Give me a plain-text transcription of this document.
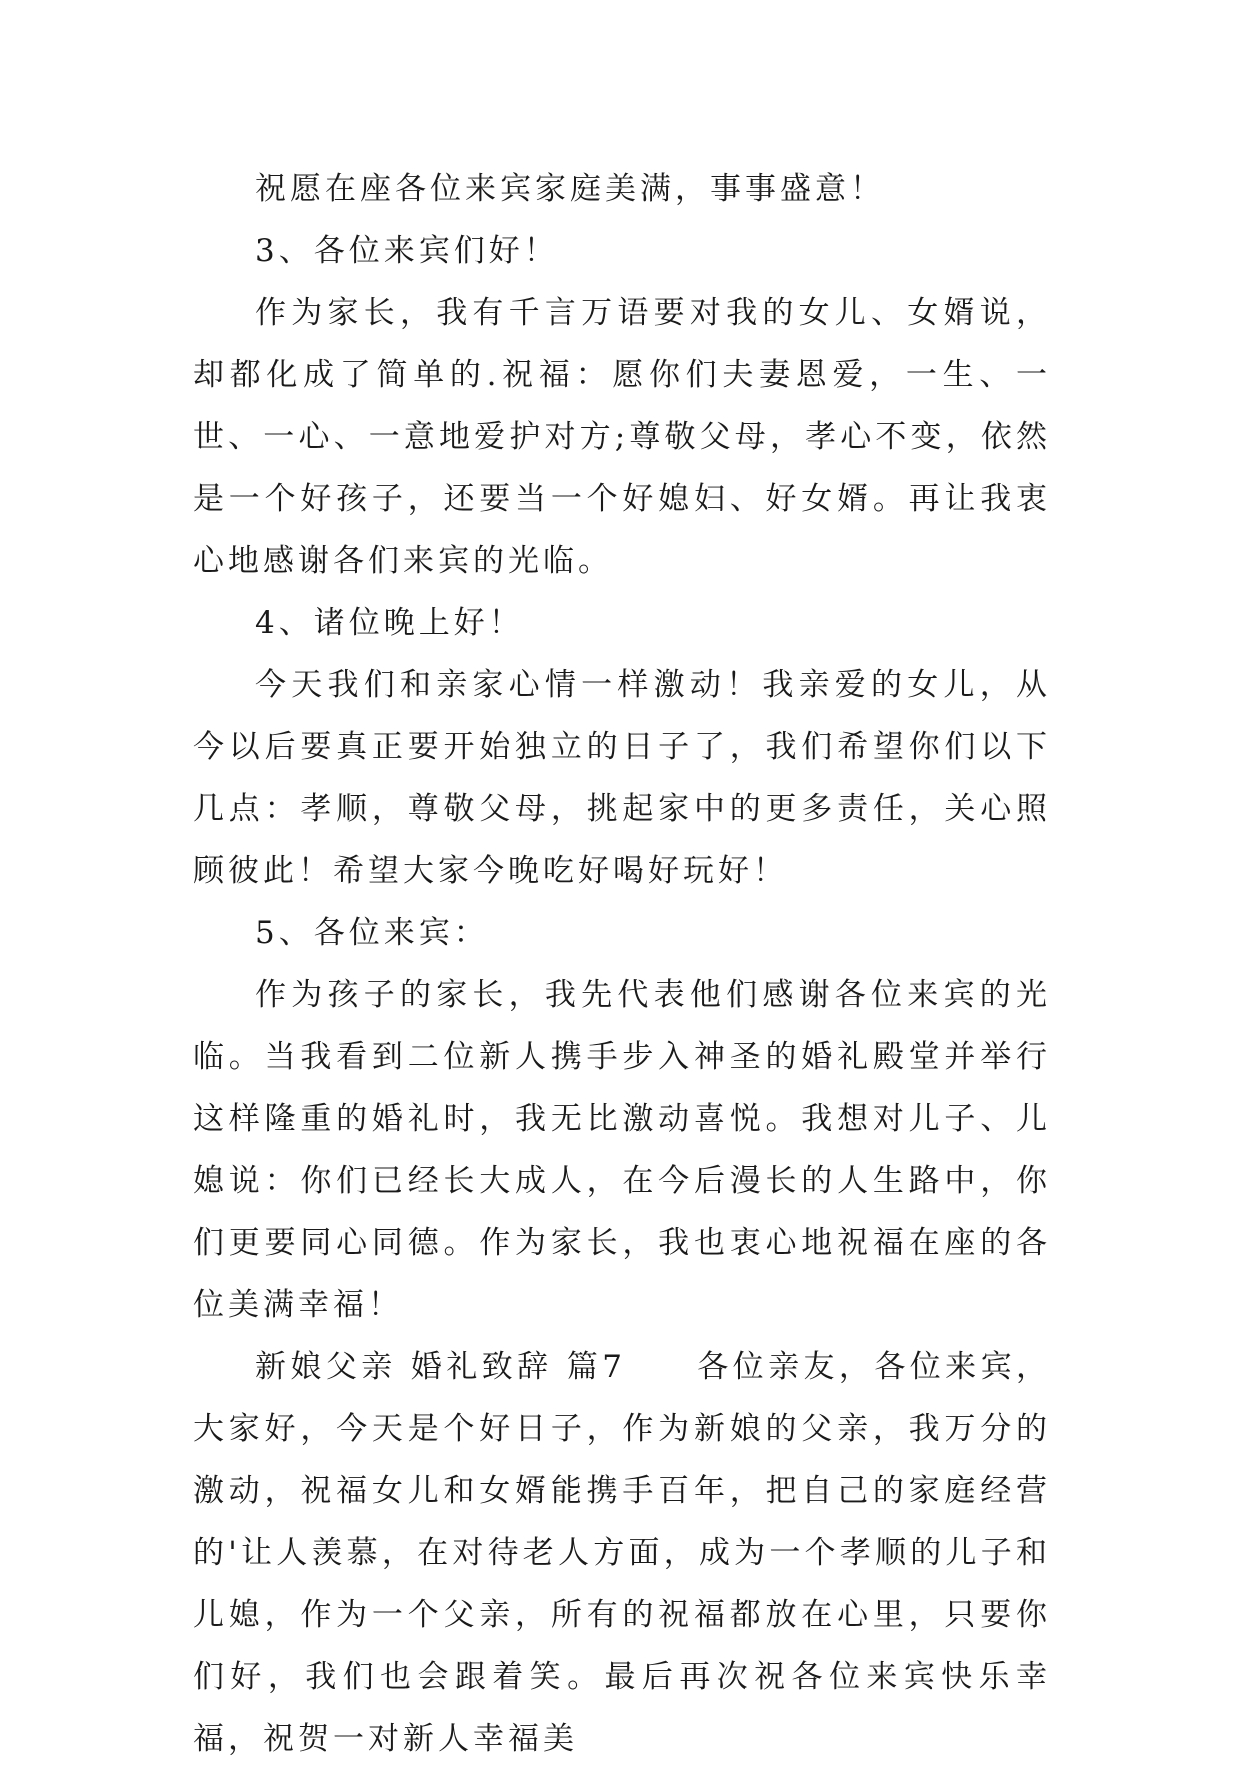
祝愿在座各位来宾家庭美满，事事盛意！

3、各位来宾们好！

作为家长，我有千言万语要对我的女儿、女婿说，却都化成了简单的.祝福：愿你们夫妻恩爱，一生、一世、一心、一意地爱护对方;尊敬父母，孝心不变，依然是一个好孩子，还要当一个好媳妇、好女婿。再让我衷心地感谢各们来宾的光临。

4、诸位晚上好！

今天我们和亲家心情一样激动！我亲爱的女儿，从今以后要真正要开始独立的日子了，我们希望你们以下几点：孝顺，尊敬父母，挑起家中的更多责任，关心照顾彼此！希望大家今晚吃好喝好玩好！

5、各位来宾：

作为孩子的家长，我先代表他们感谢各位来宾的光临。当我看到二位新人携手步入神圣的婚礼殿堂并举行这样隆重的婚礼时，我无比激动喜悦。我想对儿子、儿媳说：你们已经长大成人，在今后漫长的人生路中，你们更要同心同德。作为家长，我也衷心地祝福在座的各位美满幸福！

新娘父亲 婚礼致辞 篇7　　各位亲友，各位来宾，大家好，今天是个好日子，作为新娘的父亲，我万分的激动，祝福女儿和女婿能携手百年，把自己的家庭经营的'让人羡慕，在对待老人方面，成为一个孝顺的儿子和儿媳，作为一个父亲，所有的祝福都放在心里，只要你们好，我们也会跟着笑。最后再次祝各位来宾快乐幸福，祝贺一对新人幸福美
